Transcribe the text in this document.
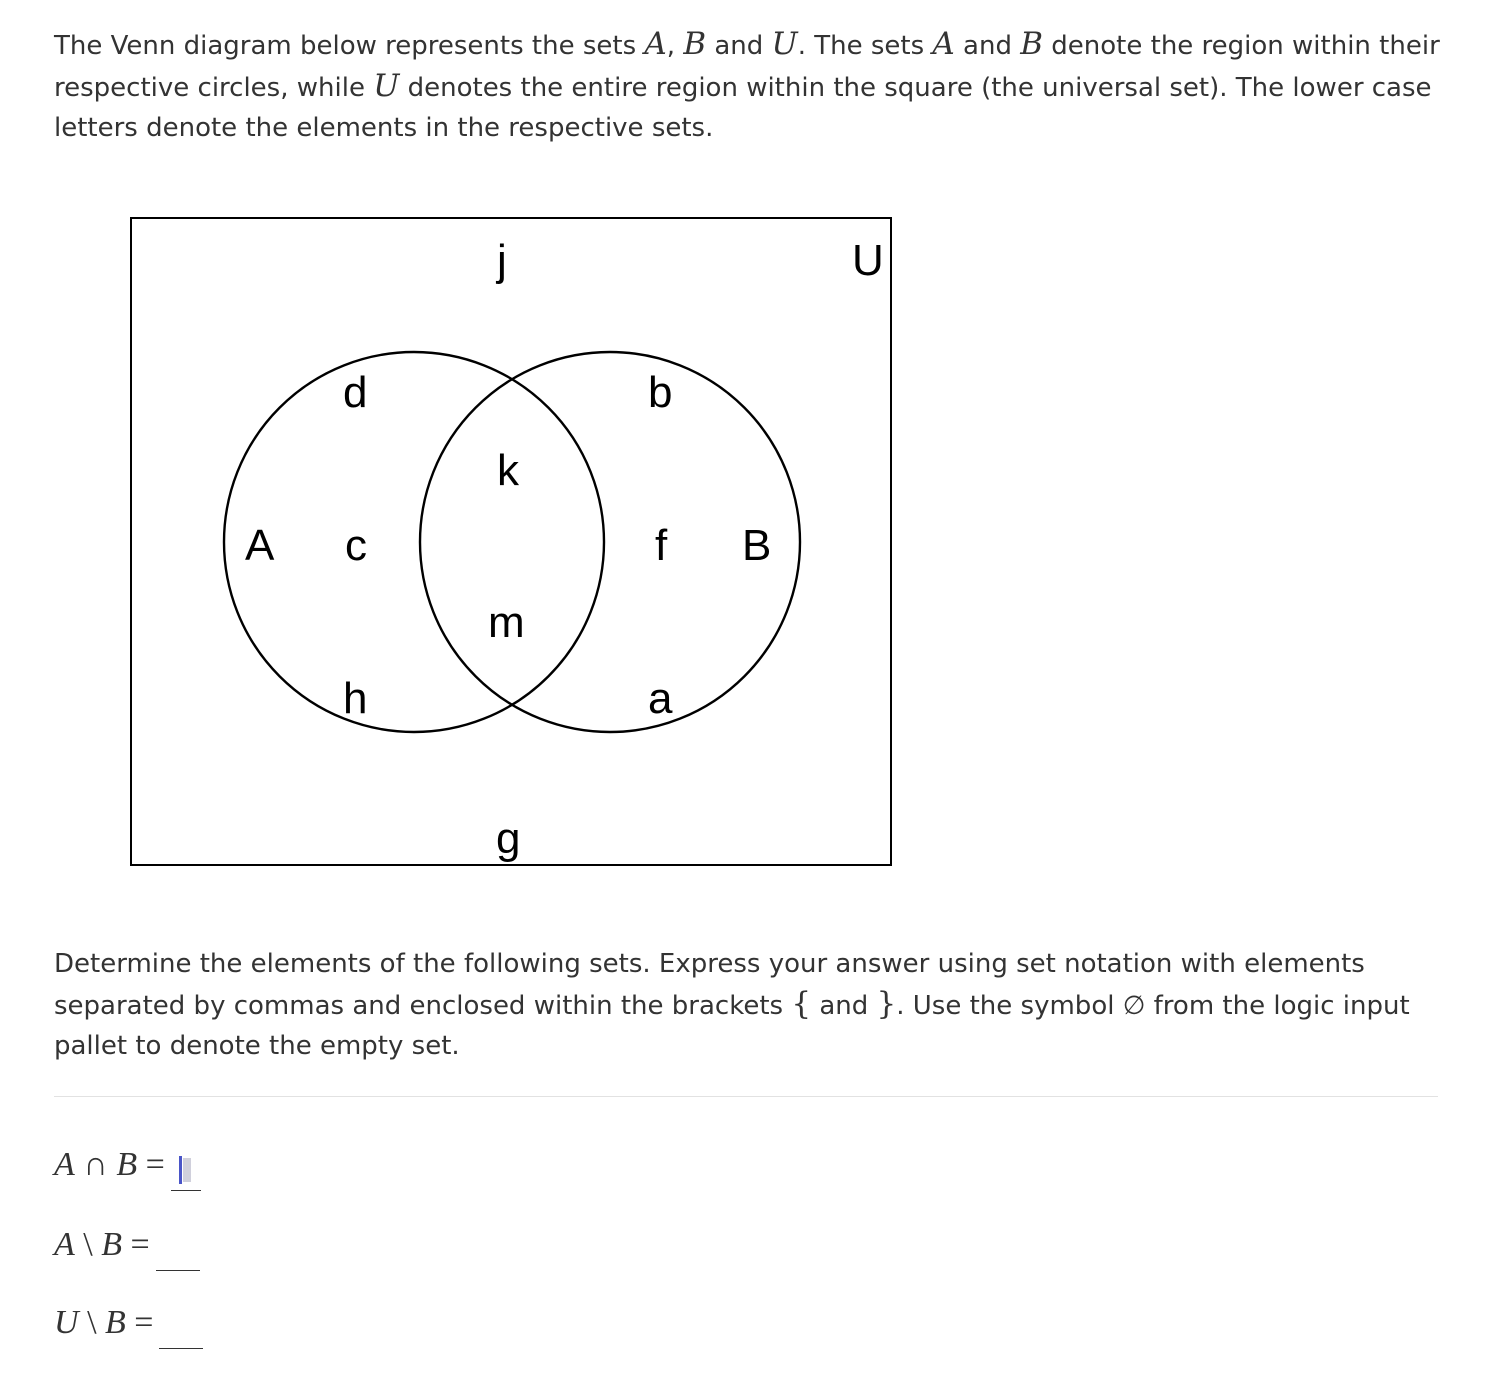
The Venn diagram below represents the sets A, B and U. The sets A and B denote the region within their respective circles, while U denotes the entire region within the square (the universal set). The lower case letters denote the elements in the respective sets.

U
A	B
j
g
d
c
h
k
m
b
f
a

Determine the elements of the following sets. Express your answer using set notation with elements separated by commas and enclosed within the brackets { and }. Use the symbol ∅ from the logic input pallet to denote the empty set.

A ∩ B =
A \ B =
U \ B =
